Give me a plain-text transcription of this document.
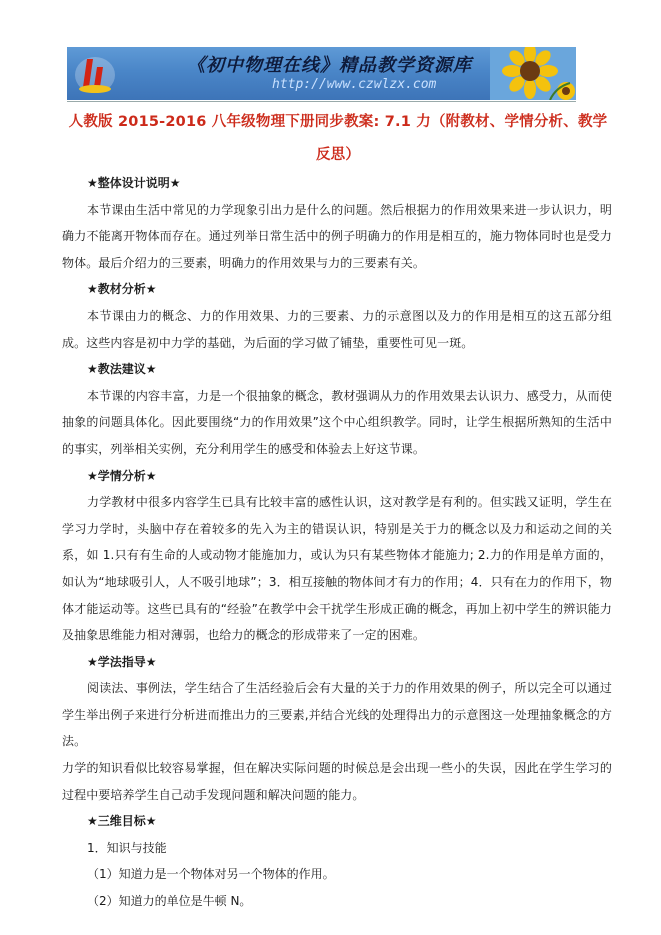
《初中物理在线》精品教学资源库
http://www.czwlzx.com
人教版 2015-2016 八年级物理下册同步教案: 7.1 力（附教材、学情分析、教学反思）

★整体设计说明★

本节课由生活中常见的力学现象引出力是什么的问题。然后根据力的作用效果来进一步认识力，明确力不能离开物体而存在。通过列举日常生活中的例子明确力的作用是相互的，施力物体同时也是受力物体。最后介绍力的三要素，明确力的作用效果与力的三要素有关。

★教材分析★

本节课由力的概念、力的作用效果、力的三要素、力的示意图以及力的作用是相互的这五部分组成。这些内容是初中力学的基础，为后面的学习做了铺垫，重要性可见一斑。

★教法建议★

本节课的内容丰富，力是一个很抽象的概念，教材强调从力的作用效果去认识力、感受力，从而使抽象的问题具体化。因此要围绕“力的作用效果”这个中心组织教学。同时，让学生根据所熟知的生活中的事实，列举相关实例，充分利用学生的感受和体验去上好这节课。

★学情分析★

力学教材中很多内容学生已具有比较丰富的感性认识，这对教学是有利的。但实践又证明，学生在学习力学时，头脑中存在着较多的先入为主的错误认识，特别是关于力的概念以及力和运动之间的关系，如 1.只有有生命的人或动物才能施加力，或认为只有某些物体才能施力; 2.力的作用是单方面的，如认为“地球吸引人，人不吸引地球”；3．相互接触的物体间才有力的作用；4．只有在力的作用下，物体才能运动等。这些已具有的“经验”在教学中会干扰学生形成正确的概念，再加上初中学生的辨识能力及抽象思维能力相对薄弱，也给力的概念的形成带来了一定的困难。

★学法指导★

阅读法、事例法，学生结合了生活经验后会有大量的关于力的作用效果的例子，所以完全可以通过学生举出例子来进行分析进而推出力的三要素,并结合光线的处理得出力的示意图这一处理抽象概念的方法。

力学的知识看似比较容易掌握，但在解决实际问题的时候总是会出现一些小的失误，因此在学生学习的过程中要培养学生自己动手发现问题和解决问题的能力。

★三维目标★

1．知识与技能

（1）知道力是一个物体对另一个物体的作用。

（2）知道力的单位是牛顿 N。
